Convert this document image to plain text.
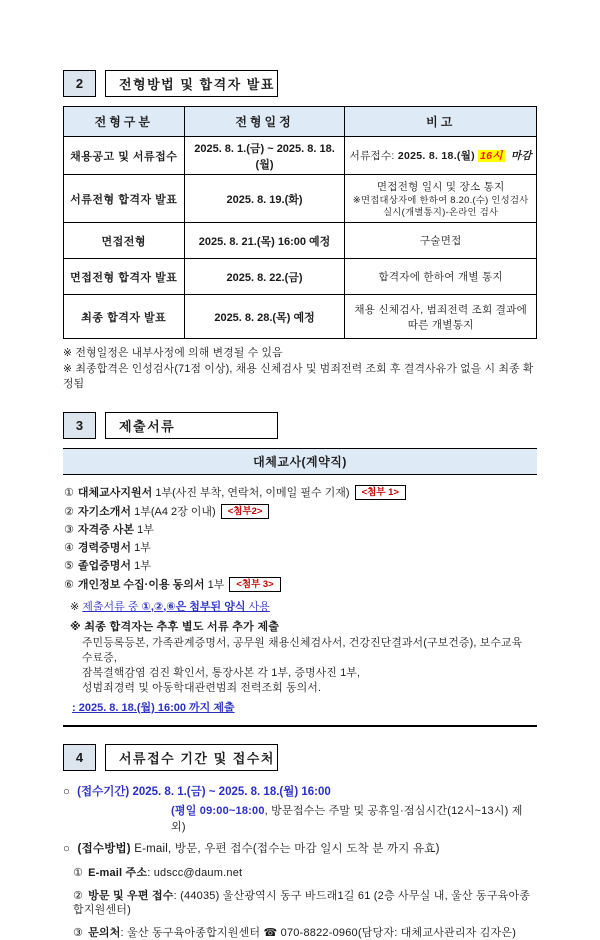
2	전형방법 및 합격자 발표
전형구분	전형일정	비고
채용공고 및 서류접수	2025. 8. 1.(금) ~ 2025. 8. 18.(월)	서류접수: 2025. 8. 18.(월) 16시 마감
서류전형 합격자 발표	2025. 8. 19.(화)	면접전형 일시 및 장소 통지
※면접대상자에 한하여 8.20.(수) 인성검사
실시(개별통지)-온라인 검사

면접전형	2025. 8. 21.(목) 16:00 예정	구술면접
면접전형 합격자 발표	2025. 8. 22.(금)	합격자에 한하여 개별 통지
최종 합격자 발표	2025. 8. 28.(목) 예정	채용 신체검사, 범죄전력 조회 결과에 따른 개별통지
※ 전형일정은 내부사정에 의해 변경될 수 있음
※ 최종합격은 인성검사(71점 이상), 채용 신체검사 및 범죄전력 조회 후 결격사유가 없을 시 최종 확정됨
3	제출서류
대체교사(계약직)
① 대체교사지원서 1부(사진 부착, 연락처, 이메일 필수 기재) <첨부 1>
② 자기소개서 1부(A4 2장 이내) <첨부2>
③ 자격증 사본 1부
④ 경력증명서 1부
⑤ 졸업증명서 1부
⑥ 개인정보 수집·이용 동의서 1부 <첨부 3>
※ 제출서류 중 ①,②,⑥은 첨부된 양식 사용
※ 최종 합격자는 추후 별도 서류 추가 제출
주민등록등본, 가족관계증명서, 공무원 채용신체검사서, 건강진단결과서(구보건증), 보수교육 수료증,
잠복결핵감염 검진 확인서, 통장사본 각 1부, 증명사진 1부,
성범죄경력 및 아동학대관련범죄 전력조회 동의서.
: 2025. 8. 18.(월) 16:00 까지 제출
4	서류접수 기간 및 접수처
○ (접수기간) 2025. 8. 1.(금) ~ 2025. 8. 18.(월) 16:00
(평일 09:00~18:00, 방문접수는 주말 및 공휴일·점심시간(12시~13시) 제외)
○ (접수방법) E-mail, 방문, 우편 접수(접수는 마감 일시 도착 분 까지 유효)
① E-mail 주소: udscc@daum.net
② 방문 및 우편 접수: (44035) 울산광역시 동구 바드래1길 61 (2층 사무실 내, 울산 동구육아종합지원센터)
③ 문의처: 울산 동구육아종합지원센터 ☎ 070-8822-0960(담당자: 대체교사관리자 김자은)
